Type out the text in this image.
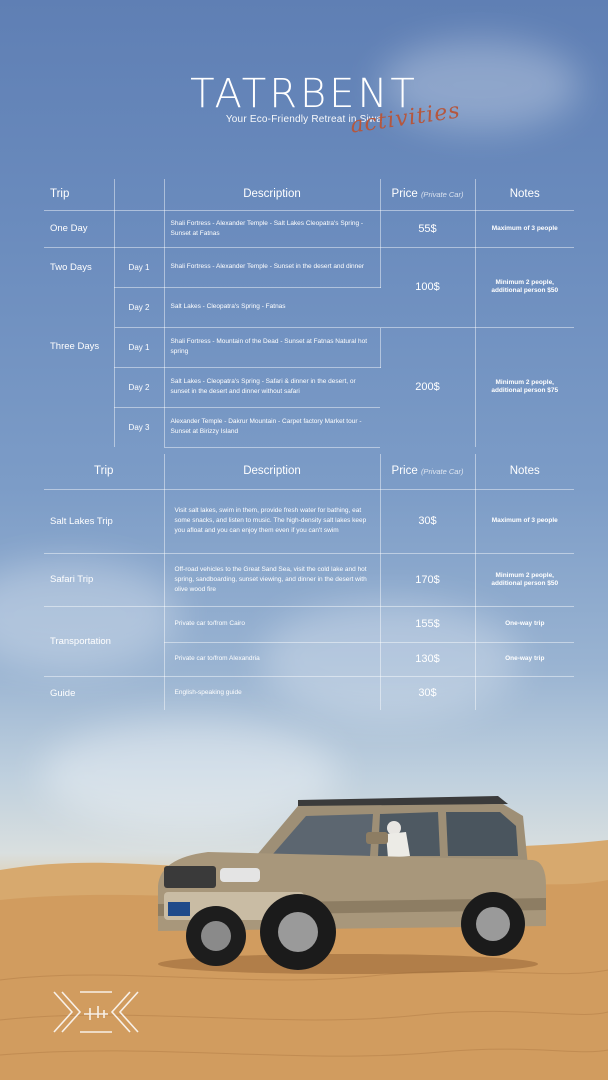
TATRBENT
Your Eco-Friendly Retreat in Siwa
activities
Trip		Description	Price (Private Car)	Notes
One Day		Shali Fortress - Alexander Temple - Salt Lakes Cleopatra's Spring - Sunset at Fatnas	55$	Maximum of 3 people
Two Days	Day 1	Shali Fortress - Alexander Temple - Sunset in the desert and dinner	100$	Minimum 2 people, additional person $50
	Day 2	Salt Lakes - Cleopatra's Spring - Fatnas		
Three Days	Day 1	Shali Fortress - Mountain of the Dead - Sunset at Fatnas Natural hot spring	200$	Minimum 2 people, additional person $75
	Day 2	Salt Lakes - Cleopatra's Spring - Safari & dinner in the desert, or sunset in the desert and dinner without safari		
	Day 3	Alexander Temple - Dakrur Mountain - Carpet factory Market tour - Sunset at Birizzy Island		
Trip	Description	Price (Private Car)	Notes
Salt Lakes Trip	Visit salt lakes, swim in them, provide fresh water for bathing, eat some snacks, and listen to music. The high-density salt lakes keep you afloat and you can enjoy them even if you can't swim	30$	Maximum of 3 people
Safari Trip	Off-road vehicles to the Great Sand Sea, visit the cold lake and hot spring, sandboarding, sunset viewing, and dinner in the desert with olive wood fire	170$	Minimum 2 people, additional person $50
Transportation	Private car to/from Cairo	155$	One-way trip
	Private car to/from Alexandria	130$	One-way trip
Guide	English-speaking guide	30$	
